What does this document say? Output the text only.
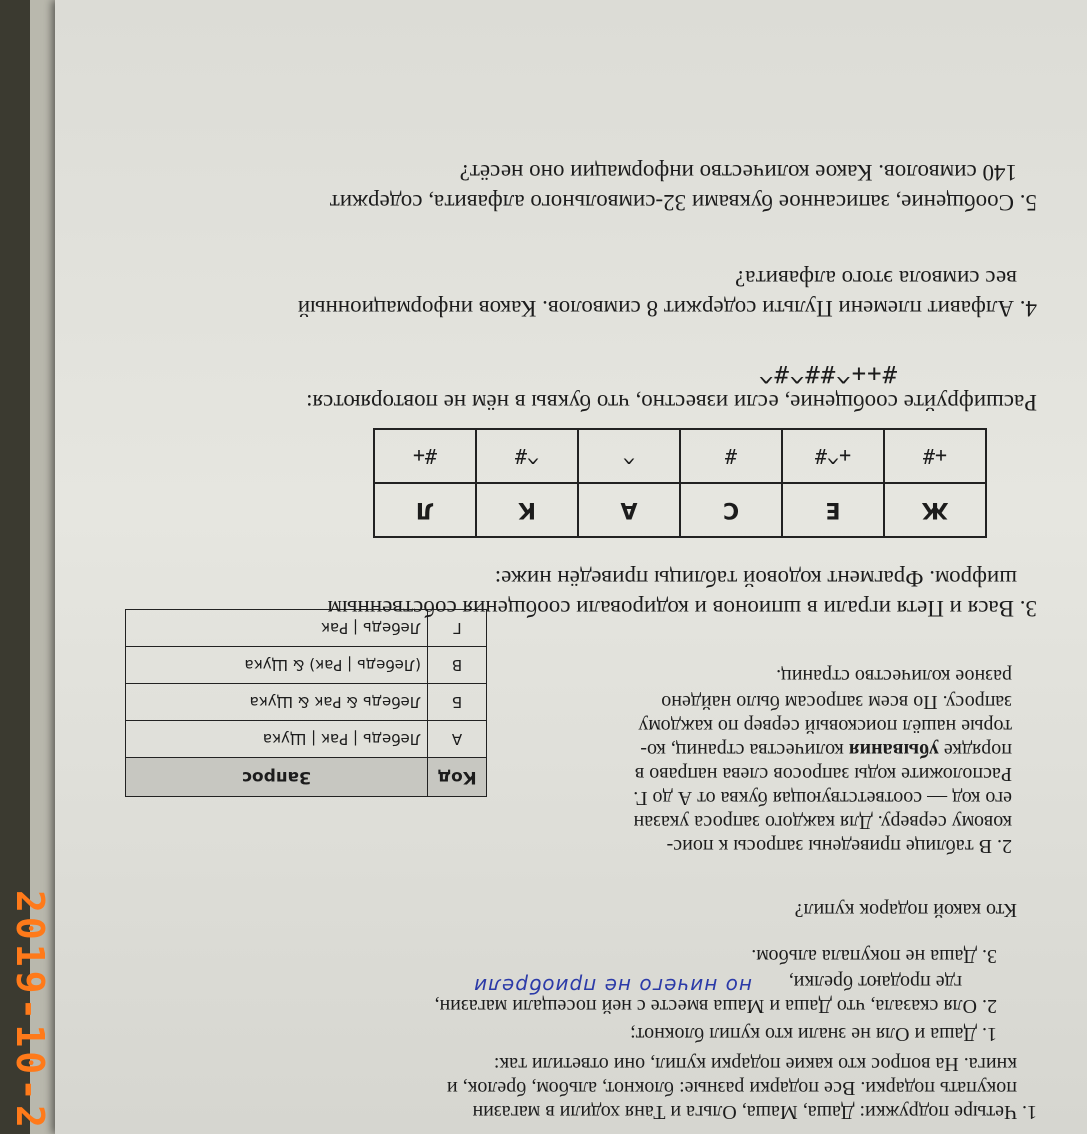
1. Четыре подружки: Даша, Маша, Ольга и Таня ходили в магазин
покупать подарки. Все подарки разные: блокнот, альбом, брелок, и
книга. На вопрос кто какие подарки купил, они ответили так:
1. Даша и Оля не знали кто купил блокнот;
2. Оля сказала, что Даша и Маша вместе с ней посещали магазин,
где продают брелки,
но ничего не приобрели
3. Даша не покупала альбом.
Кто какой подарок купил?
2. В таблице приведены запросы к поис-
ковому серверу. Для каждого запроса указан
его код — соответствующая буква от А до Г.
Расположите коды запросов слева направо в
порядке убывания количества страниц, ко-
торые нашёл поисковый сервер по каждому
запросу. По всем запросам было найдено
разное количество страниц.
Код	Запрос
А	Лебедь | Рак | Щука
Б	Лебедь & Рак & Щука
В	(Лебедь | Рак) & Щука
Г	Лебедь | Рак
3. Вася и Петя играли в шпионов и кодировали сообщения собственным
шифром. Фрагмент кодовой таблицы приведён ниже:
Ж	Е	С	А	К	Л
+#	+^#	#	^	^#	#+
Расшифруйте сообщение, если известно, что буквы в нём не повторяются:
#++^##^#^
4. Алфавит племени Пульти содержит 8 символов. Каков информационный
вес символа этого алфавита?
5. Сообщение, записанное буквами 32-символьного алфавита, содержит
140 символов. Какое количество информации оно несёт?
2019-10-2
